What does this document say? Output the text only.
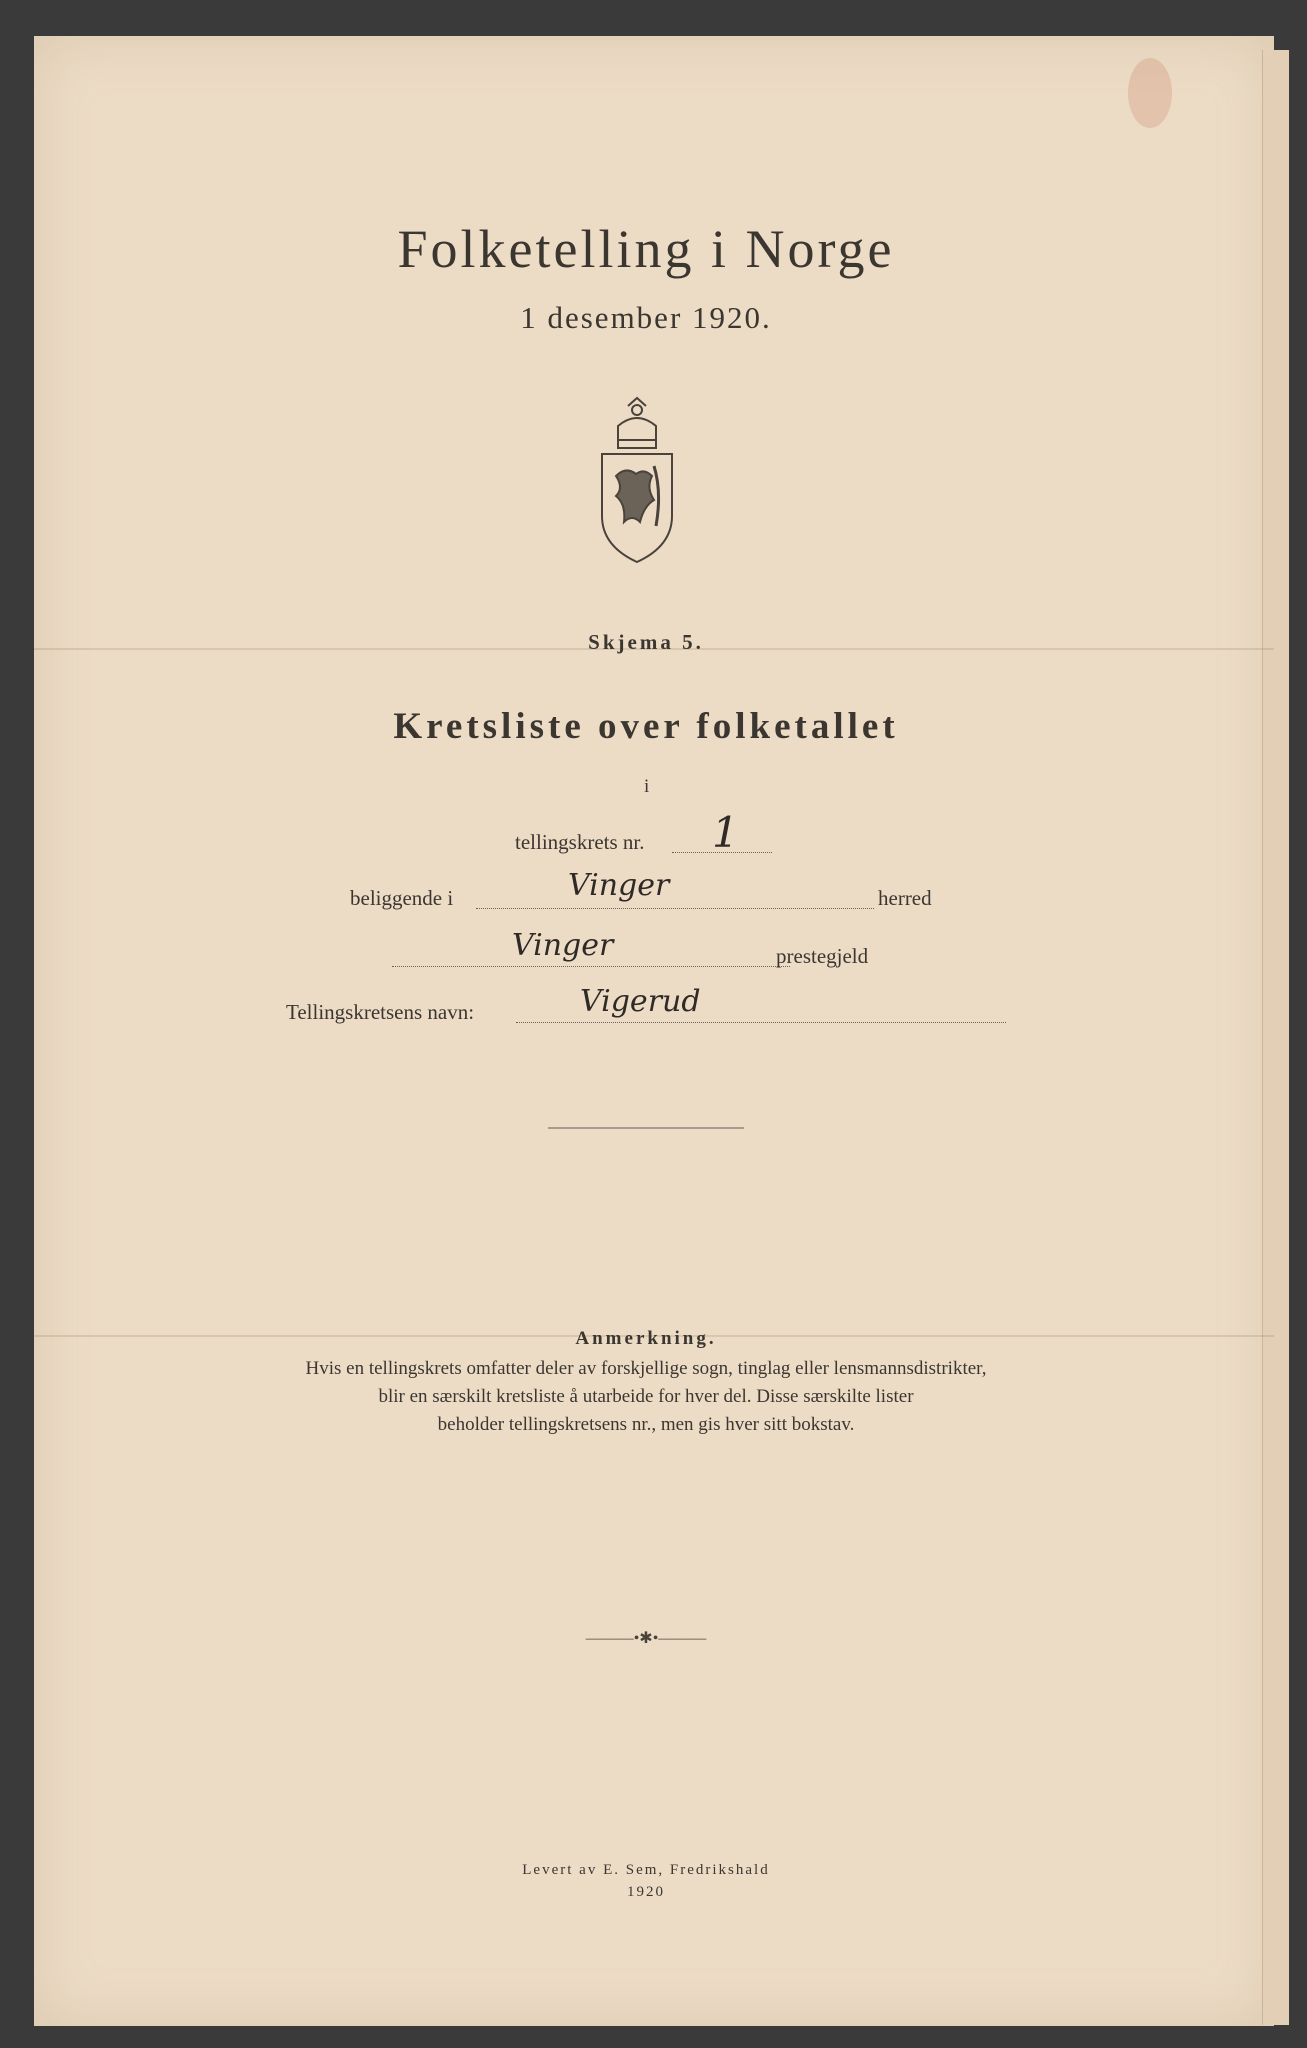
Folketelling i Norge
1 desember 1920.
Skjema 5.
Kretsliste over folketallet
i
tellingskrets nr. 1
beliggende i	Vinger	herred
Vinger	prestegjeld
Tellingskretsens navn:	Vigerud
Anmerkning.
Hvis en tellingskrets omfatter deler av forskjellige sogn, tinglag eller lensmannsdistrikter,
blir en særskilt kretsliste å utarbeide for hver del. Disse særskilte lister
beholder tellingskretsens nr., men gis hver sitt bokstav.
———•✱•———
Levert av E. Sem, Fredrikshald
1920
